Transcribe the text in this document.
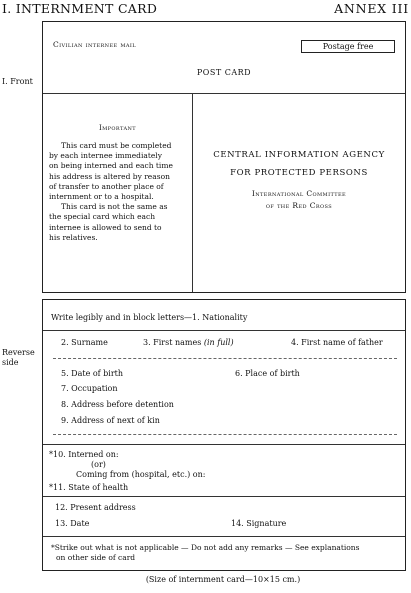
I. INTERNMENT CARD	ANNEX III
I. Front
Civilian internee mail	Postage free
POST CARD
Important
This card must be completed
by each internee immediately
on being interned and each time
his address is altered by reason
of transfer to another place of
internment or to a hospital.
This card is not the same as
the special card which each
internee is allowed to send to
his relatives.
CENTRAL INFORMATION AGENCY
FOR PROTECTED PERSONS
International Committee
of the Red Cross
Reverse
side
Write legibly and in block letters—1. Nationality
2. Surname	3. First names (in full)	4. First name of father
5. Date of birth	6. Place of birth
7. Occupation
8. Address before detention
9. Address of next of kin
*10. Interned on:
(or)
Coming from (hospital, etc.) on:
*11. State of health
12. Present address
13. Date	14. Signature
*Strike out what is not applicable — Do not add any remarks — See explanations
on other side of card
(Size of internment card—10×15 cm.)
